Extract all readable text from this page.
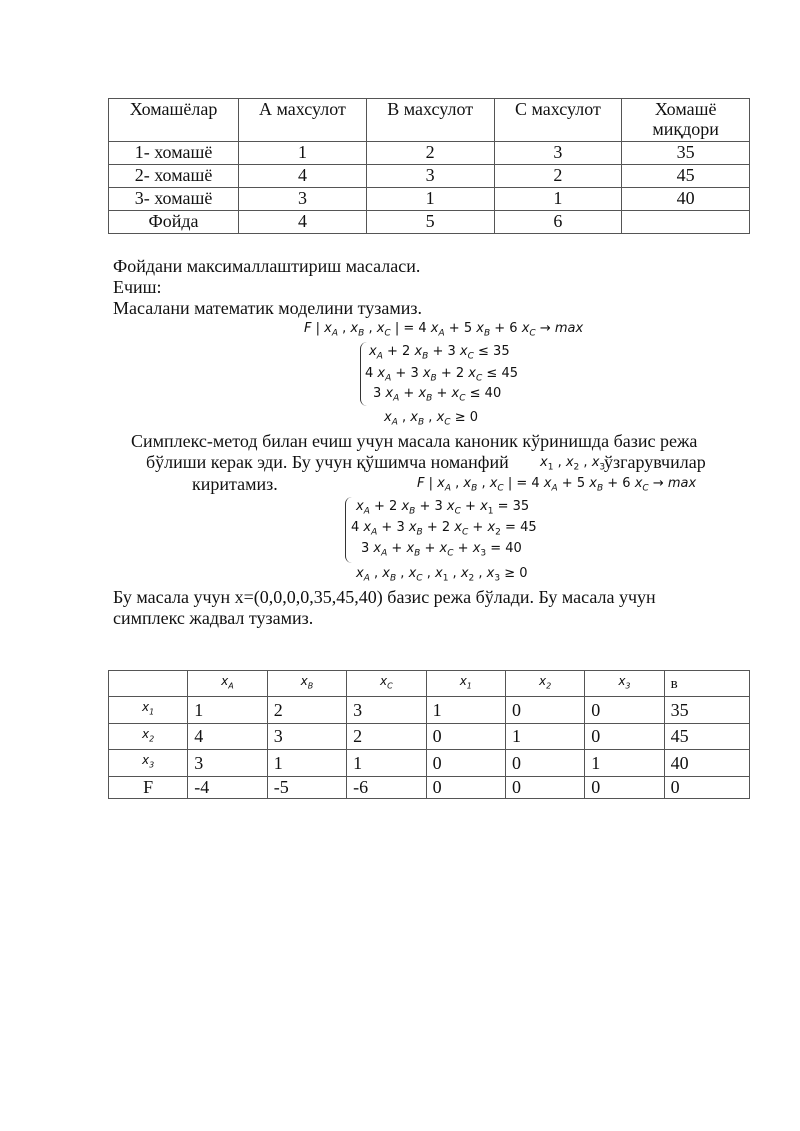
Хомашёлар	А махсулот	В махсулот	С махсулот	Хомашё
миқдори
1- хомашё	1	2	3	35
2- хомашё	4	3	2	45
3- хомашё	3	1	1	40
Фойда	4	5	6	

Фойдани максималлаштириш масаласи.

Ечиш:

Масалани математик моделини тузамиз.

F | $x_A$ , $x_B$ , $x_C$ | = 4 $x_A + 5$ $x_B + 6$ $x_C \to \max$
$x_A + 2$ $x_B + 3$ $x_C \le 35$
4 $x_A + 3$ $x_B + 2$ $x_C \le 45$
3 $x_A + x_B + x_C \le 40$
$x_A$ , $x_B$ , $x_C \ge 0$

Симплекс-метод билан ечиш учун масала каноник кўринишда базис режа

бўлиши керак эди. Бу учун қўшимча номанфий $x_1$ , $x_2$ , $x_3$

ўзгарувчилар

киритамиз.	F | $x_A$ , $x_B$ , $x_C$ | = 4 $x_A + 5$ $x_B + 6$ $x_C \to \max$
$x_A + 2$ $x_B + 3$ $x_C + x_1 = 35$
4 $x_A + 3$ $x_B + 2$ $x_C + x_2 = 45$
3 $x_A + x_B + x_C + x_3 = 40$
$x_A$ , $x_B$ , $x_C$ , $x_1$ , $x_2$ , $x_3 \ge 0$

Бу масала учун x=(0,0,0,0,35,45,40) базис режа бўлади. Бу масала учун

симплекс жадвал тузамиз.

	$x_A$	$x_B$	$x_C$	$x_1$	$x_2$	$x_3$	в
$x_1$	1	2	3	1	0	0	35
$x_2$	4	3	2	0	1	0	45
$x_3$	3	1	1	0	0	1	40
F	-4	-5	-6	0	0	0	0
